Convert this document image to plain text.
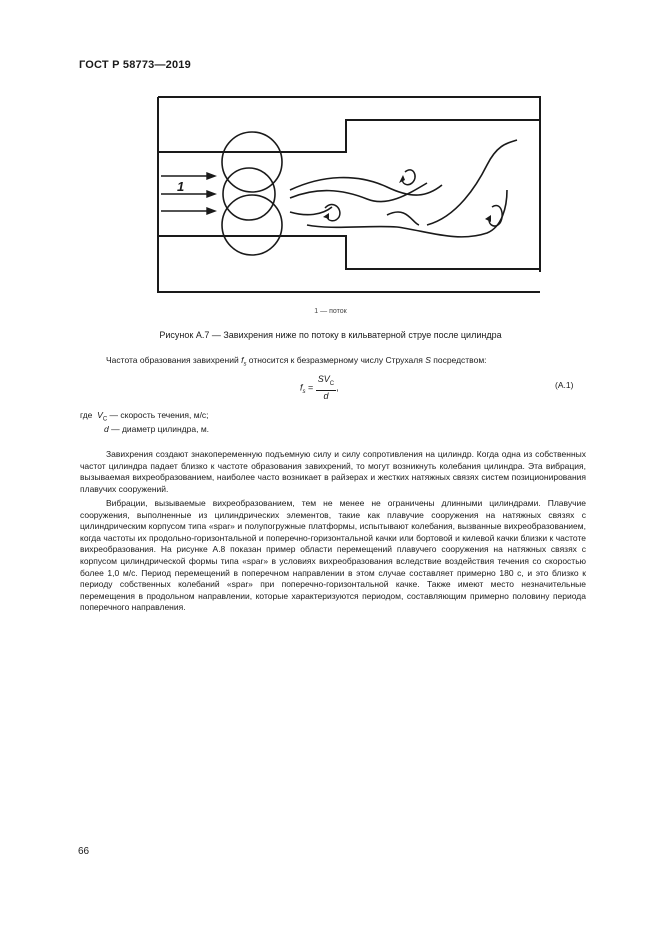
ГОСТ Р 58773—2019
1
1 — поток
Рисунок А.7 — Завихрения ниже по потоку в кильватерной струе после цилиндра
Частота образования завихрений $f_s$ относится к безразмерному числу Струхаля S посредством:
$f_s = \frac{SV_C}{d}$ ,	(А.1)
где $V_C$ — скорость течения, м/с;
d — диаметр цилиндра, м.
Завихрения создают знакопеременную подъемную силу и силу сопротивления на цилиндр. Когда одна из собственных частот цилиндра падает близко к частоте образования завихрений, то могут возникнуть колебания цилиндра. Эта вибрация, вызываемая вихреобразованием, наиболее часто возникает в райзерах и жестких натяжных связях систем позиционирования плавучих сооружений.
Вибрации, вызываемые вихреобразованием, тем не менее не ограничены длинными цилиндрами. Плавучие сооружения, выполненные из цилиндрических элементов, такие как плавучие сооружения на натяжных связях с цилиндрическим корпусом типа «spar» и полупогружные платформы, испытывают колебания, вызванные вихреобразованием, когда частоты их продольно-горизонтальной и поперечно-горизонтальной качки или бортовой и килевой качки близки к частоте вихреобразования. На рисунке А.8 показан пример области перемещений плавучего сооружения на натяжных связях с корпусом цилиндрической формы типа «spar» в условиях вихреобразования вследствие воздействия течения со скоростью более 1,0 м/с. Период перемещений в поперечном направлении в этом случае составляет примерно 180 с, и это близко к периоду собственных колебаний «spar» при поперечно-горизонтальной качке. Также имеют место незначительные перемещения в продольном направлении, которые характеризуются периодом, составляющим примерно половину периода поперечного направления.
66
